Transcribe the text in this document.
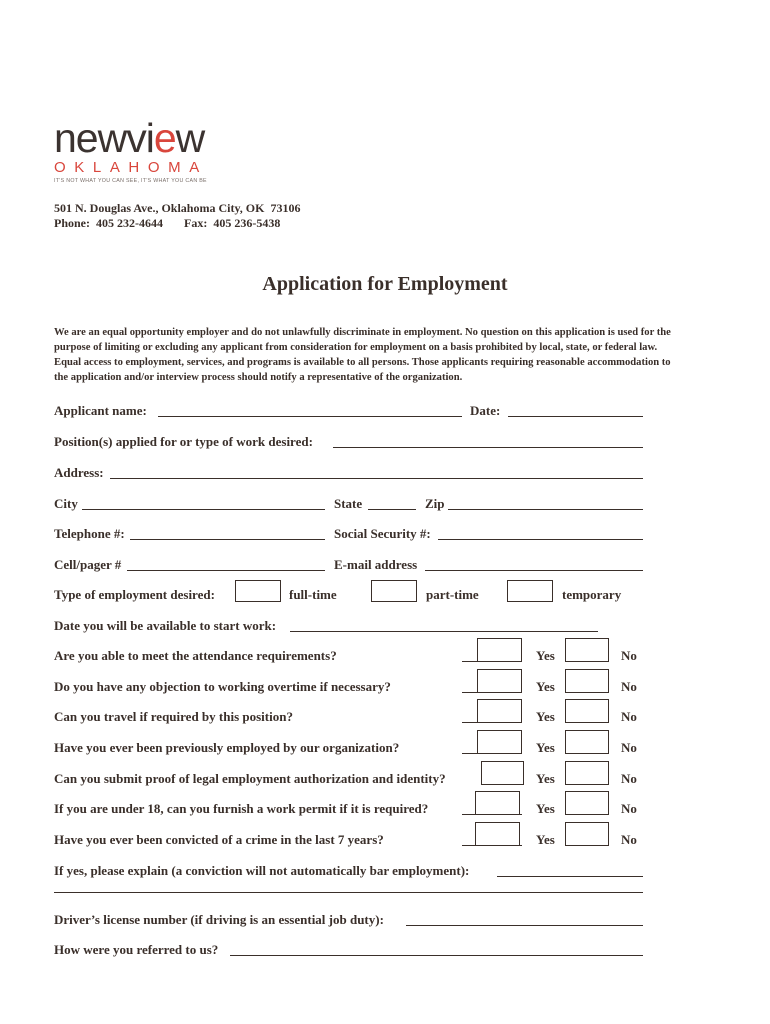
newview
OKLAHOMA
IT'S NOT WHAT YOU CAN SEE, IT'S WHAT YOU CAN BE
501 N. Douglas Ave., Oklahoma City, OK  73106
Phone:  405 232-4644       Fax:  405 236-5438
Application for Employment
We are an equal opportunity employer and do not unlawfully discriminate in employment. No question on this application is used for the purpose of limiting or excluding any applicant from consideration for employment on a basis prohibited by local, state, or federal law. Equal access to employment, services, and programs is available to all persons. Those applicants requiring reasonable accommodation to the application and/or interview process should notify a representative of the organization.
Applicant name:	Date:
Position(s) applied for or type of work desired:
Address:
City	State	Zip
Telephone #:	Social Security #:
Cell/pager #	E-mail address
Type of employment desired:	full-time	part-time	temporary
Date you will be available to start work:
Are you able to meet the attendance requirements?	Yes	No
Do you have any objection to working overtime if necessary?	Yes	No
Can you travel if required by this position?	Yes	No
Have you ever been previously employed by our organization?	Yes	No
Can you submit proof of legal employment authorization and identity?	Yes	No
If you are under 18, can you furnish a work permit if it is required?	Yes	No
Have you ever been convicted of a crime in the last 7 years?	Yes	No
If yes, please explain (a conviction will not automatically bar employment):
Driver’s license number (if driving is an essential job duty):
How were you referred to us?
